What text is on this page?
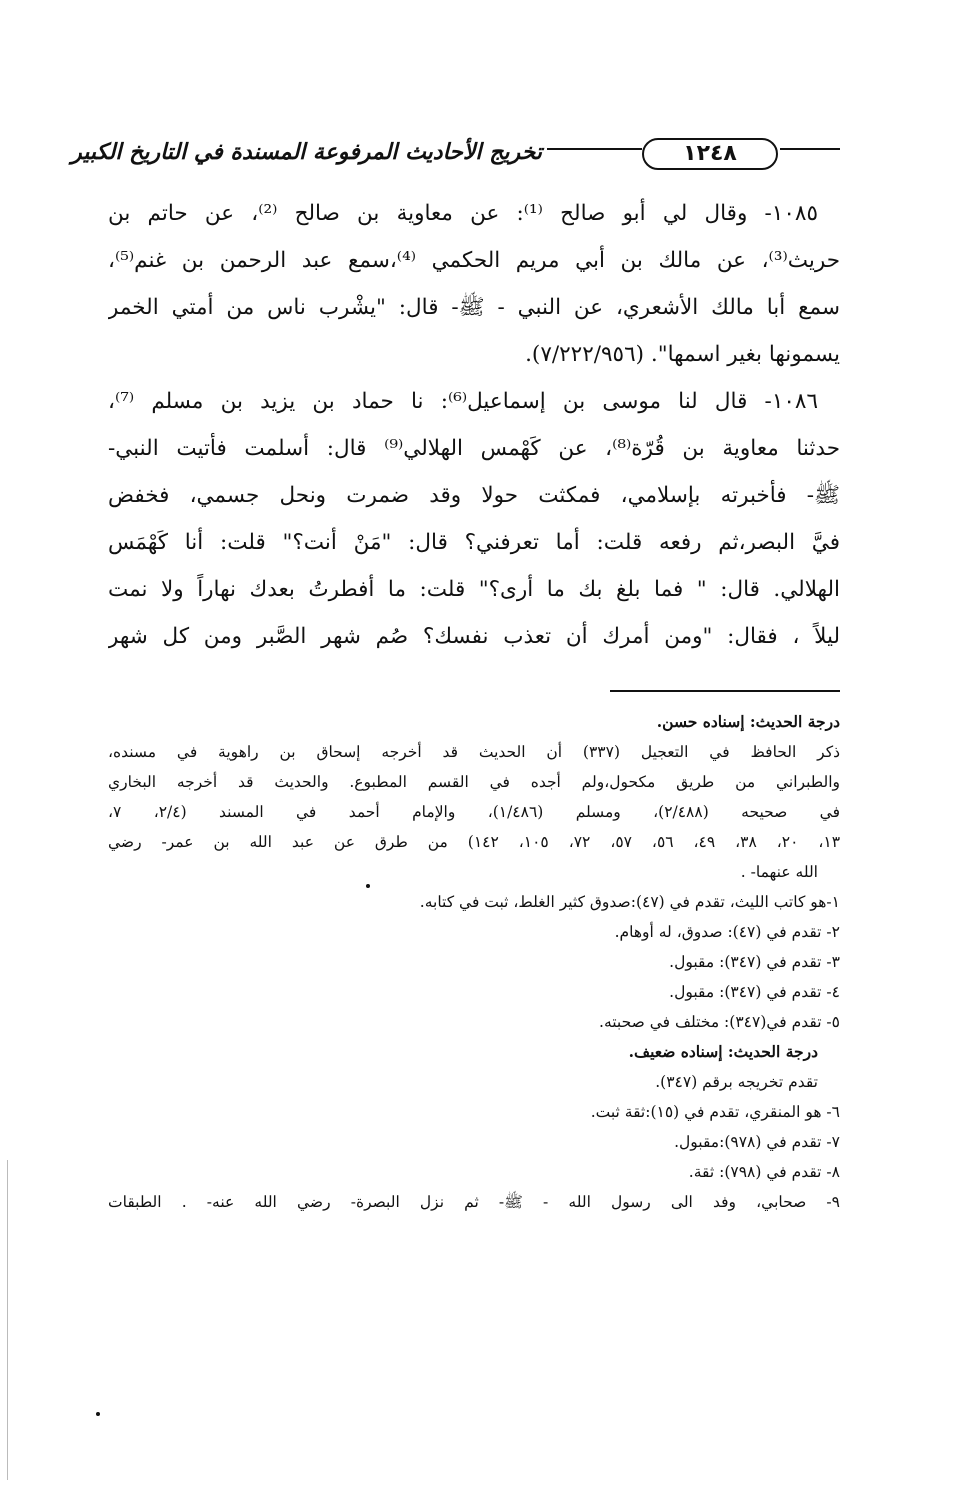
١٢٤٨
تخريج الأحاديث المرفوعة المسندة في التاريخ الكبير
١٠٨٥- وقال لي أبو صالح ⁽¹⁾: عن معاوية بن صالح ⁽²⁾، عن حاتم بن
حريث⁽³⁾، عن مالك بن أبي مريم الحكمي ⁽⁴⁾،سمع عبد الرحمن بن غنم⁽⁵⁾،
سمع أبا مالك الأشعري، عن النبي - ﷺ- قال: "يشْرب ناس من أمتي الخمر
يسمونها بغير اسمها". (٧/٢٢٢/٩٥٦).
١٠٨٦- قال لنا موسى بن إسماعيل⁽⁶⁾: نا حماد بن يزيد بن مسلم ⁽⁷⁾،
حدثنا معاوية بن قُرّة⁽⁸⁾، عن كَهْمس الهلالي⁽⁹⁾ قال: أسلمت فأتيت النبي-
ﷺ- فأخبرته بإسلامي، فمكثت حولا وقد ضمرت ونحل جسمي، فخفض
فيَّ البصر،ثم رفعه قلت: أما تعرفني؟ قال: "مَنْ أنت؟" قلت: أنا كَهْمَس
الهلالي. قال: " فما بلغ بك ما أرى؟" قلت: ما أفطرتُ بعدك نهاراً ولا نمت
ليلاً ، فقال: "ومن أمرك أن تعذب نفسك؟ صُم شهر الصَّبر ومن كل شهر
درجة الحديث: إسناده حسن.
ذكر الحافظ في التعجيل (٣٣٧) أن الحديث قد أخرجه إسحاق بن راهوية في مسنده،
والطبراني من طريق مكحول،ولم أجده في القسم المطبوع. والحديث قد أخرجه البخاري
في صحيحه (٢/٤٨٨)، ومسلم (١/٤٨٦)، والإمام أحمد في المسند (٢/٤، ٧،
١٣، ٢٠، ٣٨، ٤٩، ٥٦، ٥٧، ٧٢، ١٠٥، ١٤٢) من طرق عن عبد الله بن عمر- رضي
الله عنهما- .
١-هو كاتب الليث، تقدم في (٤٧):صدوق كثير الغلط، ثبت في كتابه.
٢- تقدم في (٤٧): صدوق، له أوهام.
٣- تقدم في (٣٤٧): مقبول.
٤- تقدم في (٣٤٧): مقبول.
٥- تقدم في(٣٤٧): مختلف في صحبته.
درجة الحديث: إسناده ضعيف.
تقدم تخريجه برقم (٣٤٧).
٦- هو المنقري، تقدم في (١٥):ثقة ثبت.
٧- تقدم في (٩٧٨):مقبول.
٨- تقدم في (٧٩٨): ثقة.
٩- صحابي، وفد الى رسول الله - ﷺ- ثم نزل البصرة- رضي الله عنه- . الطبقات
